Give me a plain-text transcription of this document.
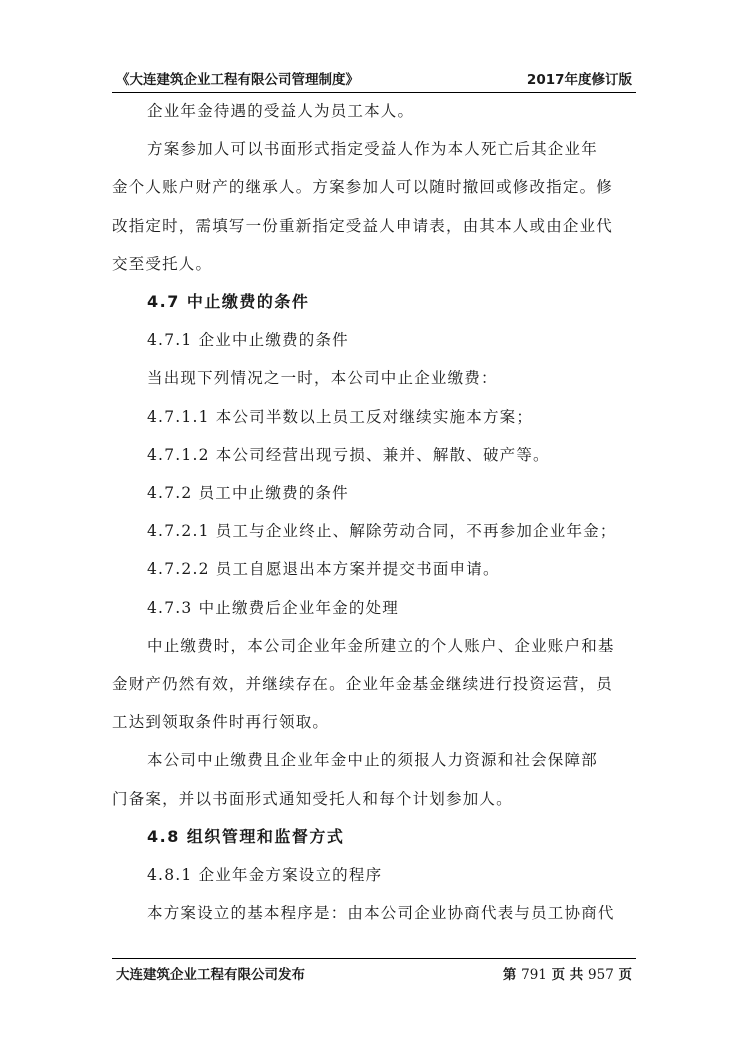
《大连建筑企业工程有限公司管理制度》	2017年度修订版

企业年金待遇的受益人为员工本人。

方案参加人可以书面形式指定受益人作为本人死亡后其企业年

金个人账户财产的继承人。方案参加人可以随时撤回或修改指定。修

改指定时，需填写一份重新指定受益人申请表，由其本人或由企业代

交至受托人。

4.7 中止缴费的条件

4.7.1 企业中止缴费的条件

当出现下列情况之一时，本公司中止企业缴费：

4.7.1.1 本公司半数以上员工反对继续实施本方案；

4.7.1.2 本公司经营出现亏损、兼并、解散、破产等。

4.7.2 员工中止缴费的条件

4.7.2.1 员工与企业终止、解除劳动合同，不再参加企业年金；

4.7.2.2 员工自愿退出本方案并提交书面申请。

4.7.3 中止缴费后企业年金的处理

中止缴费时，本公司企业年金所建立的个人账户、企业账户和基

金财产仍然有效，并继续存在。企业年金基金继续进行投资运营，员

工达到领取条件时再行领取。

本公司中止缴费且企业年金中止的须报人力资源和社会保障部

门备案，并以书面形式通知受托人和每个计划参加人。

4.8 组织管理和监督方式

4.8.1 企业年金方案设立的程序

本方案设立的基本程序是：由本公司企业协商代表与员工协商代

大连建筑企业工程有限公司发布	第 791 页 共 957 页
